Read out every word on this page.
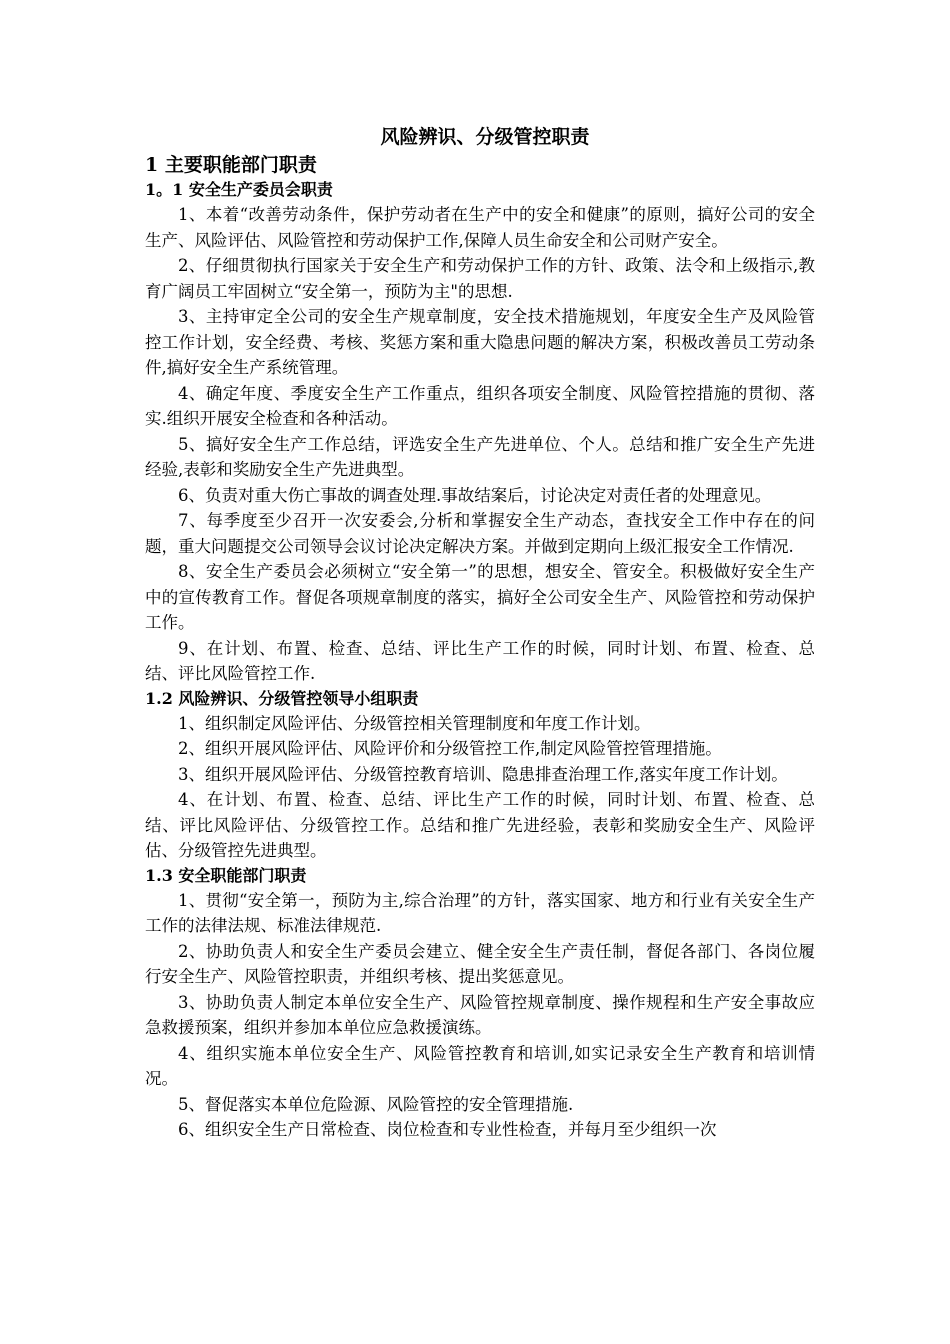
风险辨识、分级管控职责
1 主要职能部门职责
1。1 安全生产委员会职责

1、本着“改善劳动条件，保护劳动者在生产中的安全和健康”的原则，搞好公司的安全生产、风险评估、风险管控和劳动保护工作,保障人员生命安全和公司财产安全。

2、仔细贯彻执行国家关于安全生产和劳动保护工作的方针、政策、法令和上级指示,教育广阔员工牢固树立“安全第一，预防为主"的思想.

3、主持审定全公司的安全生产规章制度，安全技术措施规划，年度安全生产及风险管控工作计划，安全经费、考核、奖惩方案和重大隐患问题的解决方案，积极改善员工劳动条件,搞好安全生产系统管理。

4、确定年度、季度安全生产工作重点，组织各项安全制度、风险管控措施的贯彻、落实.组织开展安全检查和各种活动。

5、搞好安全生产工作总结，评选安全生产先进单位、个人。总结和推广安全生产先进经验,表彰和奖励安全生产先进典型。

6、负责对重大伤亡事故的调查处理.事故结案后，讨论决定对责任者的处理意见。

7、每季度至少召开一次安委会,分析和掌握安全生产动态，查找安全工作中存在的问题，重大问题提交公司领导会议讨论决定解决方案。并做到定期向上级汇报安全工作情况.

8、安全生产委员会必须树立“安全第一”的思想，想安全、管安全。积极做好安全生产中的宣传教育工作。督促各项规章制度的落实，搞好全公司安全生产、风险管控和劳动保护工作。

9、在计划、布置、检查、总结、评比生产工作的时候，同时计划、布置、检查、总结、评比风险管控工作.

1.2 风险辨识、分级管控领导小组职责

1、组织制定风险评估、分级管控相关管理制度和年度工作计划。

2、组织开展风险评估、风险评价和分级管控工作,制定风险管控管理措施。

3、组织开展风险评估、分级管控教育培训、隐患排查治理工作,落实年度工作计划。

4、在计划、布置、检查、总结、评比生产工作的时候，同时计划、布置、检查、总结、评比风险评估、分级管控工作。总结和推广先进经验，表彰和奖励安全生产、风险评估、分级管控先进典型。

1.3 安全职能部门职责

1、贯彻“安全第一，预防为主,综合治理”的方针，落实国家、地方和行业有关安全生产工作的法律法规、标准法律规范.

2、协助负责人和安全生产委员会建立、健全安全生产责任制，督促各部门、各岗位履行安全生产、风险管控职责，并组织考核、提出奖惩意见。

3、协助负责人制定本单位安全生产、风险管控规章制度、操作规程和生产安全事故应急救援预案，组织并参加本单位应急救援演练。

4、组织实施本单位安全生产、风险管控教育和培训,如实记录安全生产教育和培训情况。

5、督促落实本单位危险源、风险管控的安全管理措施.

6、组织安全生产日常检查、岗位检查和专业性检查，并每月至少组织一次
